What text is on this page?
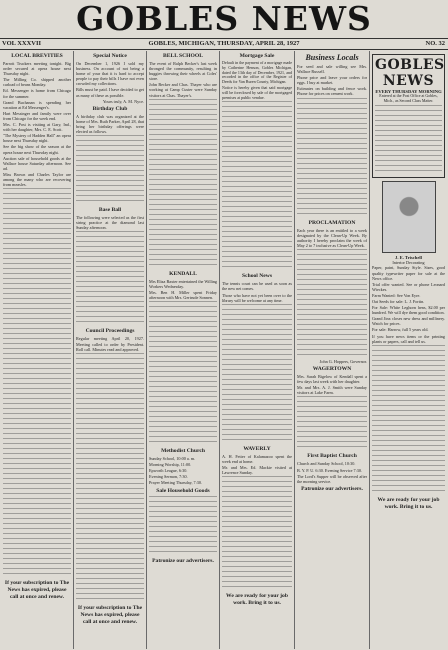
GOBLES NEWS
VOL XXXVII	GOBLES, MICHIGAN, THURSDAY, APRIL 28, 1927	NO. 32
LOCAL BREVITIES

Parrott Truckers meeting tonight. Big order secured at opera house next Thursday night.

The Milling Co. shipped another carload of beans Monday.

Ed. Messenger is home from Chicago for the summer.

Grand Buchanan is spending her vacation at Ed Messenger's.

Hart Messinger and family were over from Chicago for the week end.

Mrs. C. Post is visiting at Gary, Ind., with her daughter, Mrs. C. E. Scott.

"The Mystery of Hadden Hall" an opera house next Thursday night.

See the big show of the season at the opera house next Thursday night.

Auction sale of household goods at the Wallace house Saturday afternoon. See ad.

Miss Brown and Charles Taylor are among the many who are recovering from measles.

If your subscription to The News has expired, please call at once and renew.
Special Notice

On December 1, 1926 I sold my business. On account of not being a home of your that it is hard to accept people to pay their bills I have not even crowded my collections.

Bills must be paid. I have decided to get as many of these as possible.

Yours truly, A. M. Nyce.

Birthday Club

A birthday club was organized at the home of Mrs. Ruth Parker, April 28, that bring her birthday offerings were elected as follows.

Base Ball

The following were selected as the first string practice at the diamond last Sunday afternoon.

Council Proceedings

Regular meeting April 20, 1927. Meeting called to order by President. Roll call. Minutes read and approved.

If your subscription to The News has expired, please call at once and renew.
BELL SCHOOL

The event of Ralph Becker's last week thronged the community, resulting in buggies throwing their wheels at Coles' store.

John Becker and Chas. Thayer who are working at Camp Custer were Sunday visitors at Chas. Thayer's.

KENDALL

Mrs Eliza Baxter entertained the Willing Workers Wednesday.

Mrs. Ben H. Miller spent Friday afternoon with Mrs. Gertrude Sonnen.

Methodist Church

Sunday School, 10:00 a. m.

Morning Worship, 11:00.

Epworth League, 6:30.

Evening Sermon, 7:30.

Prayer Meeting Thursday, 7:30.

Sale Household Goods
Patronize our advertisers.
Mortgage Sale

Default in the payment of a mortgage made by Catherine Henson, Gobles Michigan, dated the 13th day of December, 1921, and recorded in the office of the Register of Deeds for Van Buren County, Michigan.

Notice is hereby given that said mortgage will be foreclosed by sale of the mortgaged premises at public vendue.

School News

The tennis court can be used as soon as the new net comes.

Those who have not yet been over to the library will be welcome at any time.

WAVERLY

A. H. Fetter of Kalamazoo spent the week end at home.

Mr. and Mrs. Ed. Mackie visited at Lawrence Sunday.

We are ready for your job work. Bring it to us.
Business Locals

For seed and sale willing see Mrs. Wallace Russell.

Phone price and leave your orders for eggs. I buy at market.

Estimates on building and fence work. Phone for prices on cement work.

PROCLAMATION

Each year there is an entitled to a week designated by the Clean-Up Week. By authority I hereby proclaim the week of May 2 to 7 inclusive as Clean-Up Week.

John G. Hoppers, Governor.

WAGERTOWN

Mrs. Sarah Bigelow of Kendall spent a few days last week with her daughter.

Mr. and Mrs. A. J. Smith were Sunday visitors at Lake Farm.

First Baptist Church

Church and Sunday School, 10:30.

B. Y. P. U. 6:30. Evening Service 7:30.

The Lord's Supper will be observed after the morning service.

Patronize our advertisers.
GOBLES NEWS
EVERY THURSDAY MORNING

Entered at the Post Office at Gobles, Mich., as Second Class Matter.

J. E. Trischell
Interior Decorating

Paper, paint, Sunday Style. Sizes, good quality typewriter paper for sale at the News office.

Trial offer wanted. See or phone Leonard Wieckes.

Farm Wanted: See Von Eyre.

Oat Seeds for sale: L. J. Fortin.

For Sale: White Leghorn hens, $2.00 per hundred. We will dye them good condition.

Grand Jinx closes new dress and millinery. Watch for prices.

For sale: Harrow, full 5 years old.

If you have news items or the printing plants or papers, call and tell us.

We are ready for your job work. Bring it to us.
